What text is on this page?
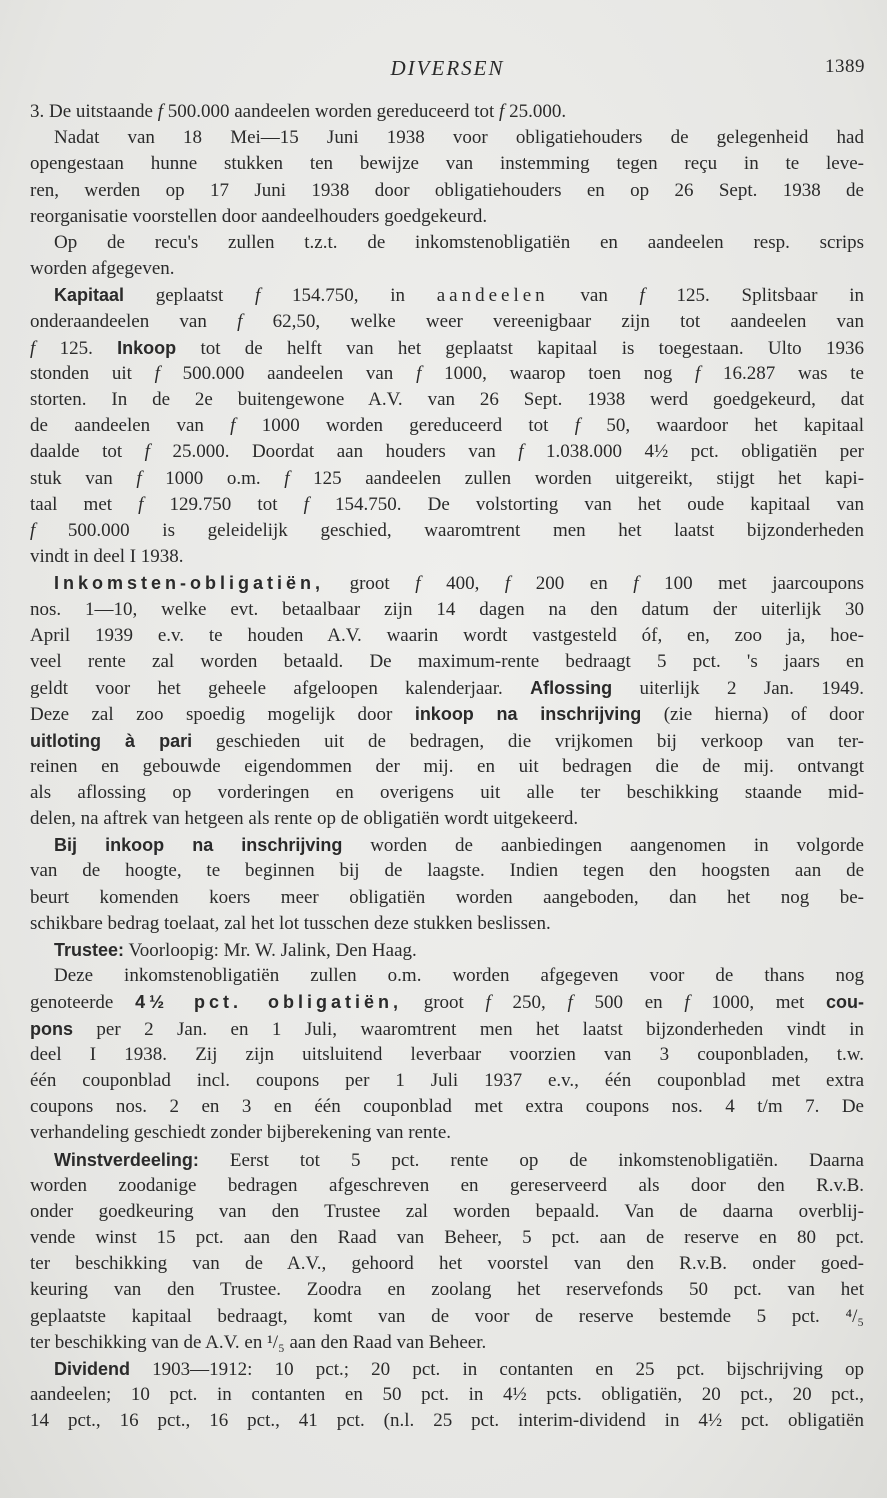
DIVERSEN	1389
3. De uitstaande f 500.000 aandeelen worden gereduceerd tot f 25.000.
Nadat van 18 Mei—15 Juni 1938 voor obligatiehouders de gelegenheid had
opengestaan hunne stukken ten bewijze van instemming tegen reçu in te leve-
ren, werden op 17 Juni 1938 door obligatiehouders en op 26 Sept. 1938 de
reorganisatie voorstellen door aandeelhouders goedgekeurd.
Op de recu's zullen t.z.t. de inkomstenobligatiën en aandeelen resp. scrips
worden afgegeven.
Kapitaal geplaatst f 154.750, in aandeelen van f 125. Splitsbaar in
onderaandeelen van f 62,50, welke weer vereenigbaar zijn tot aandeelen van
f 125. Inkoop tot de helft van het geplaatst kapitaal is toegestaan. Ulto 1936
stonden uit f 500.000 aandeelen van f 1000, waarop toen nog f 16.287 was te
storten. In de 2e buitengewone A.V. van 26 Sept. 1938 werd goedgekeurd, dat
de aandeelen van f 1000 worden gereduceerd tot f 50, waardoor het kapitaal
daalde tot f 25.000. Doordat aan houders van f 1.038.000 4½ pct. obligatiën per
stuk van f 1000 o.m. f 125 aandeelen zullen worden uitgereikt, stijgt het kapi-
taal met f 129.750 tot f 154.750. De volstorting van het oude kapitaal van
f 500.000 is geleidelijk geschied, waaromtrent men het laatst bijzonderheden
vindt in deel I 1938.
Inkomsten-obligatiën, groot f 400, f 200 en f 100 met jaarcoupons
nos. 1—10, welke evt. betaalbaar zijn 14 dagen na den datum der uiterlijk 30
April 1939 e.v. te houden A.V. waarin wordt vastgesteld óf, en, zoo ja, hoe-
veel rente zal worden betaald. De maximum-rente bedraagt 5 pct. 's jaars en
geldt voor het geheele afgeloopen kalenderjaar. Aflossing uiterlijk 2 Jan. 1949.
Deze zal zoo spoedig mogelijk door inkoop na inschrijving (zie hierna) of door
uitloting à pari geschieden uit de bedragen, die vrijkomen bij verkoop van ter-
reinen en gebouwde eigendommen der mij. en uit bedragen die de mij. ontvangt
als aflossing op vorderingen en overigens uit alle ter beschikking staande mid-
delen, na aftrek van hetgeen als rente op de obligatiën wordt uitgekeerd.
Bij inkoop na inschrijving worden de aanbiedingen aangenomen in volgorde
van de hoogte, te beginnen bij de laagste. Indien tegen den hoogsten aan de
beurt komenden koers meer obligatiën worden aangeboden, dan het nog be-
schikbare bedrag toelaat, zal het lot tusschen deze stukken beslissen.
Trustee: Voorloopig: Mr. W. Jalink, Den Haag.
Deze inkomstenobligatiën zullen o.m. worden afgegeven voor de thans nog
genoteerde 4½ pct. obligatiën, groot f 250, f 500 en f 1000, met cou-
pons per 2 Jan. en 1 Juli, waaromtrent men het laatst bijzonderheden vindt in
deel I 1938. Zij zijn uitsluitend leverbaar voorzien van 3 couponbladen, t.w.
één couponblad incl. coupons per 1 Juli 1937 e.v., één couponblad met extra
coupons nos. 2 en 3 en één couponblad met extra coupons nos. 4 t/m 7. De
verhandeling geschiedt zonder bijberekening van rente.
Winstverdeeling: Eerst tot 5 pct. rente op de inkomstenobligatiën. Daarna
worden zoodanige bedragen afgeschreven en gereserveerd als door den R.v.B.
onder goedkeuring van den Trustee zal worden bepaald. Van de daarna overblij-
vende winst 15 pct. aan den Raad van Beheer, 5 pct. aan de reserve en 80 pct.
ter beschikking van de A.V., gehoord het voorstel van den R.v.B. onder goed-
keuring van den Trustee. Zoodra en zoolang het reservefonds 50 pct. van het
geplaatste kapitaal bedraagt, komt van de voor de reserve bestemde 5 pct. ⁴/₅
ter beschikking van de A.V. en ¹/₅ aan den Raad van Beheer.
Dividend 1903—1912: 10 pct.; 20 pct. in contanten en 25 pct. bijschrijving op
aandeelen; 10 pct. in contanten en 50 pct. in 4½ pcts. obligatiën, 20 pct., 20 pct.,
14 pct., 16 pct., 16 pct., 41 pct. (n.l. 25 pct. interim-dividend in 4½ pct. obligatiën
